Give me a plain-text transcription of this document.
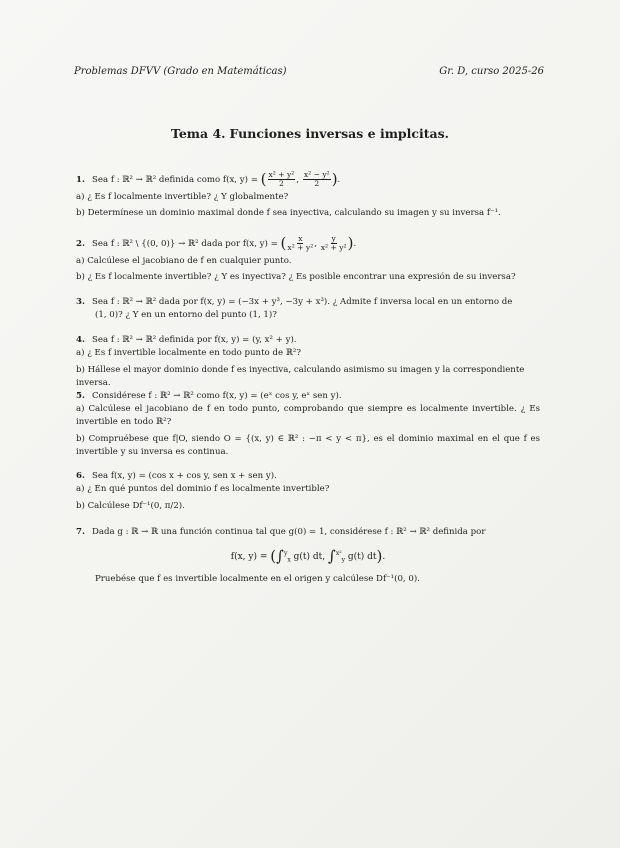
Problemas DFVV (Grado en Matemáticas)	Gr. D, curso 2025-26
Tema 4. Funciones inversas e implcitas.
1. Sea f : ℝ² → ℝ² definida como f(x, y) = ( $\frac{\text{x² + y²}}{2}$ , $\frac{\text{x² − y²}}{2}$ ).
a) ¿ Es f localmente invertible? ¿ Y globalmente?
b) Determínese un dominio maximal donde f sea inyectiva, calculando su imagen y su inversa f⁻¹.
2. Sea f : ℝ² \ {(0, 0)} → ℝ² dada por f(x, y) = ( $\frac{x}{\text{x² + y²}}$ , $\frac{y}{\text{x² + y²}}$ ).
a) Calcúlese el jacobiano de f en cualquier punto.
b) ¿ Es f localmente invertible? ¿ Y es inyectiva? ¿ Es posible encontrar una expresión de su inversa?
3. Sea f : ℝ² → ℝ² dada por f(x, y) = (−3x + y³, −3y + x³). ¿ Admite f inversa local en un entorno de
(1, 0)? ¿ Y en un entorno del punto (1, 1)?
4. Sea f : ℝ² → ℝ² definida por f(x, y) = (y, x² + y).
a) ¿ Es f invertible localmente en todo punto de ℝ²?
b) Hállese el mayor dominio donde f es inyectiva, calculando asimismo su imagen y la correspondiente inversa.
5. Considérese f : ℝ² → ℝ² como f(x, y) = (eˣ cos y, eˣ sen y).
a) Calcúlese el jacobiano de f en todo punto, comprobando que siempre es localmente invertible. ¿ Es invertible en todo ℝ²?
b) Compruébese que f|O, siendo O = {(x, y) ∈ ℝ² : −π < y < π}, es el dominio maximal en el que f es invertible y su inversa es continua.
6. Sea f(x, y) = (cos x + cos y, sen x + sen y).
a) ¿ En qué puntos del dominio f es localmente invertible?
b) Calcúlese Df⁻¹(0, π/2).
7. Dada g : ℝ → ℝ una función continua tal que g(0) = 1, considérese f : ℝ² → ℝ² definida por
f(x, y) = (∫$^y_x$ g(t) dt, ∫$^{x^2}_y$ g(t) dt).
Pruebése que f es invertible localmente en el origen y calcúlese Df⁻¹(0, 0).
